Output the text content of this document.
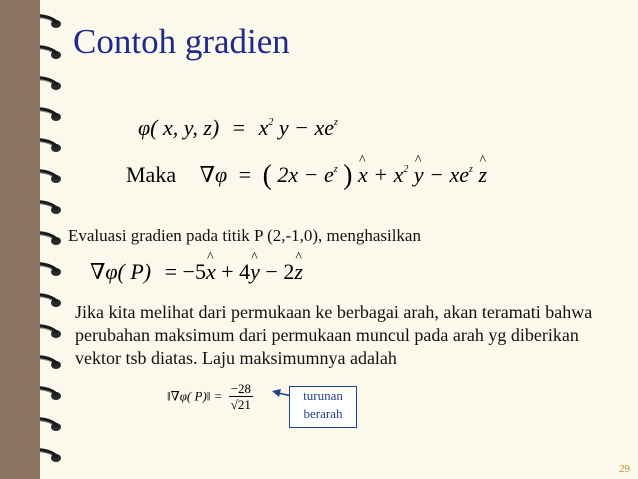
Contoh gradien
φ( x, y, $z) = x^2$ $y - xe^z$
Maka ∇φ = ( $2x - e^z$ ) ^ $x + x^2$ ^ $y - xe^z$ ^ z
Evaluasi gradien pada titik P (2,-1,0), menghasilkan
∇φ( P) = −5^ x + 4^ y − 2^ z
Jika kita melihat dari permukaan ke berbagai arah, akan teramati bahwa perubahan maksimum dari permukaan muncul pada arah yg diberikan vektor tsb diatas. Laju maksimumnya adalah
‖∇φ( P)‖ = $\frac{-28}{√21}$	turunan
berarah
29
